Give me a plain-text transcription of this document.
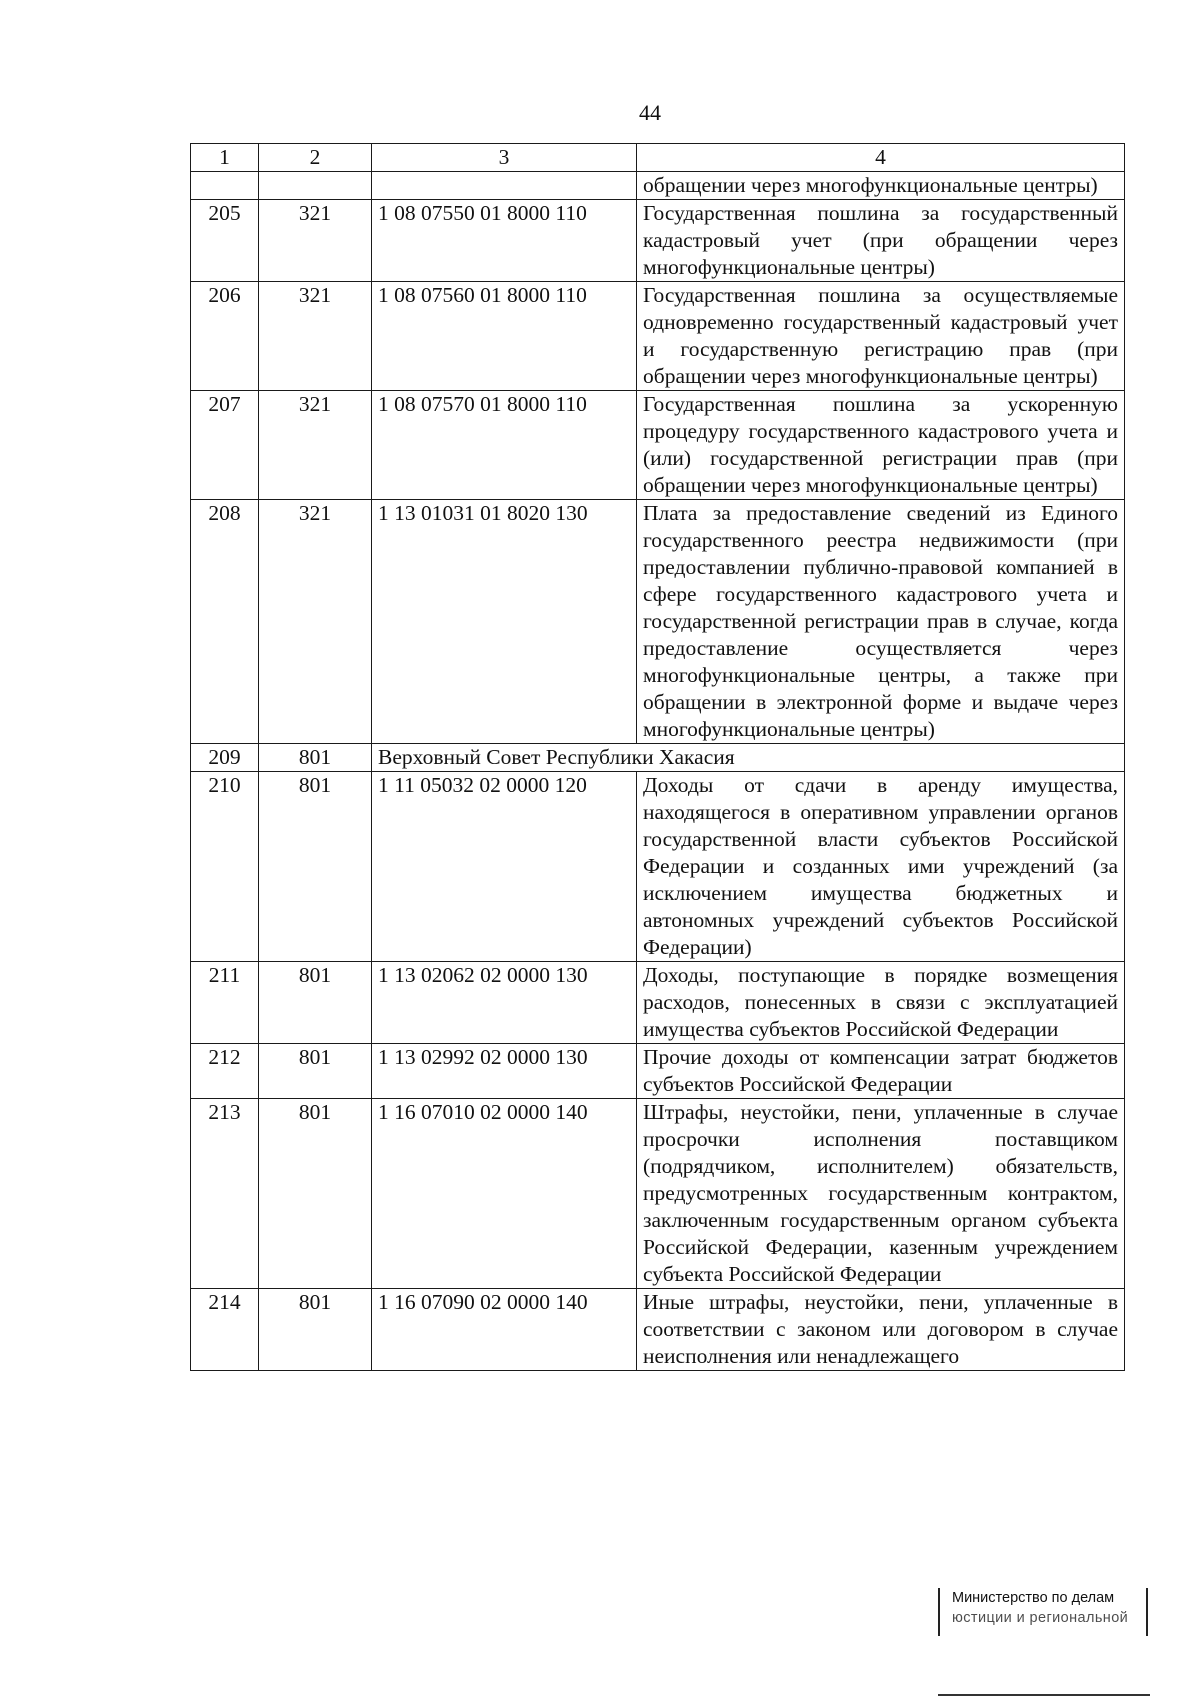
44
1	2	3	4
			обращении через многофункциональные центры)
205	321	1 08 07550 01 8000 110	Государственная пошлина за государственный кадастровый учет (при обращении через многофункциональные центры)
206	321	1 08 07560 01 8000 110	Государственная пошлина за осуществляемые одновременно государственный кадастровый учет и государственную регистрацию прав (при обращении через многофункциональные центры)
207	321	1 08 07570 01 8000 110	Государственная пошлина за ускоренную процедуру государственного кадастрового учета и (или) государственной регистрации прав (при обращении через многофункциональные центры)
208	321	1 13 01031 01 8020 130	Плата за предоставление сведений из Единого государственного реестра недвижимости (при предоставлении публично-правовой компанией в сфере государственного кадастрового учета и государственной регистрации прав в случае, когда предоставление осуществляется через многофункциональные центры, а также при обращении в электронной форме и выдаче через многофункциональные центры)
209	801	Верховный Совет Республики Хакасия	
210	801	1 11 05032 02 0000 120	Доходы от сдачи в аренду имущества, находящегося в оперативном управлении органов государственной власти субъектов Российской Федерации и созданных ими учреждений (за исключением имущества бюджетных и автономных учреждений субъектов Российской Федерации)
211	801	1 13 02062 02 0000 130	Доходы, поступающие в порядке возмещения расходов, понесенных в связи с эксплуатацией имущества субъектов Российской Федерации
212	801	1 13 02992 02 0000 130	Прочие доходы от компенсации затрат бюджетов субъектов Российской Федерации
213	801	1 16 07010 02 0000 140	Штрафы, неустойки, пени, уплаченные в случае просрочки исполнения поставщиком (подрядчиком, исполнителем) обязательств, предусмотренных государственным контрактом, заключенным государственным органом субъекта Российской Федерации, казенным учреждением субъекта Российской Федерации
214	801	1 16 07090 02 0000 140	Иные штрафы, неустойки, пени, уплаченные в соответствии с законом или договором в случае неисполнения или ненадлежащего
Министерство по делам
юстиции и региональной
